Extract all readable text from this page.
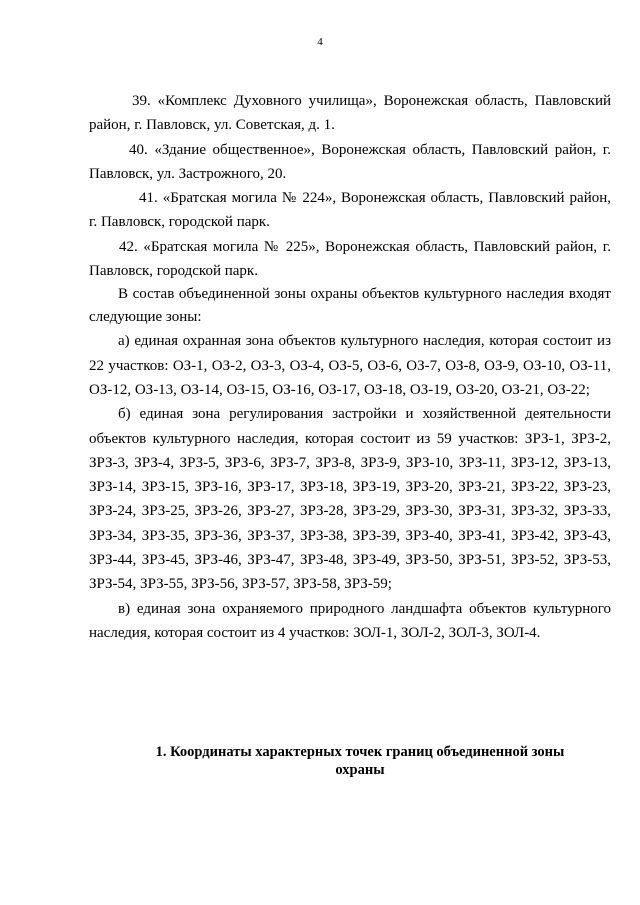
4

39. «Комплекс Духовного училища», Воронежская область, Павловский район, г. Павловск, ул. Советская, д. 1.

40. «Здание общественное», Воронежская область, Павловский район, г. Павловск, ул. Застрожного, 20.

41. «Братская могила № 224», Воронежская область, Павловский район, г. Павловск, городской парк.

42. «Братская могила № 225», Воронежская область, Павловский район, г. Павловск, городской парк.

В состав объединенной зоны охраны объектов культурного наследия входят следующие зоны:

а) единая охранная зона объектов культурного наследия, которая состоит из 22 участков: ОЗ-1, ОЗ-2, ОЗ-3, ОЗ-4, ОЗ-5, ОЗ-6, ОЗ-7, ОЗ-8, ОЗ-9, ОЗ-10, ОЗ-11, ОЗ-12, ОЗ-13, ОЗ-14, ОЗ-15, ОЗ-16, ОЗ-17, ОЗ-18, ОЗ-19, ОЗ-20, ОЗ-21, ОЗ-22;

б) единая зона регулирования застройки и хозяйственной деятельности объектов культурного наследия, которая состоит из 59 участков: ЗРЗ-1, ЗРЗ-2, ЗРЗ-3, ЗРЗ-4, ЗРЗ-5, ЗРЗ-6, ЗРЗ-7, ЗРЗ-8, ЗРЗ-9, ЗРЗ-10, ЗРЗ-11, ЗРЗ-12, ЗРЗ-13, ЗРЗ-14, ЗРЗ-15, ЗРЗ-16, ЗРЗ-17, ЗРЗ-18, ЗРЗ-19, ЗРЗ-20, ЗРЗ-21, ЗРЗ-22, ЗРЗ-23, ЗРЗ-24, ЗРЗ-25, ЗРЗ-26, ЗРЗ-27, ЗРЗ-28, ЗРЗ-29, ЗРЗ-30, ЗРЗ-31, ЗРЗ-32, ЗРЗ-33, ЗРЗ-34, ЗРЗ-35, ЗРЗ-36, ЗРЗ-37, ЗРЗ-38, ЗРЗ-39, ЗРЗ-40, ЗРЗ-41, ЗРЗ-42, ЗРЗ-43, ЗРЗ-44, ЗРЗ-45, ЗРЗ-46, ЗРЗ-47, ЗРЗ-48, ЗРЗ-49, ЗРЗ-50, ЗРЗ-51, ЗРЗ-52, ЗРЗ-53, ЗРЗ-54, ЗРЗ-55, ЗРЗ-56, ЗРЗ-57, ЗРЗ-58, ЗРЗ-59;

в) единая зона охраняемого природного ландшафта объектов культурного наследия, которая состоит из 4 участков: ЗОЛ-1, ЗОЛ-2, ЗОЛ-3, ЗОЛ-4.

1. Координаты характерных точек границ объединенной зоны охраны
